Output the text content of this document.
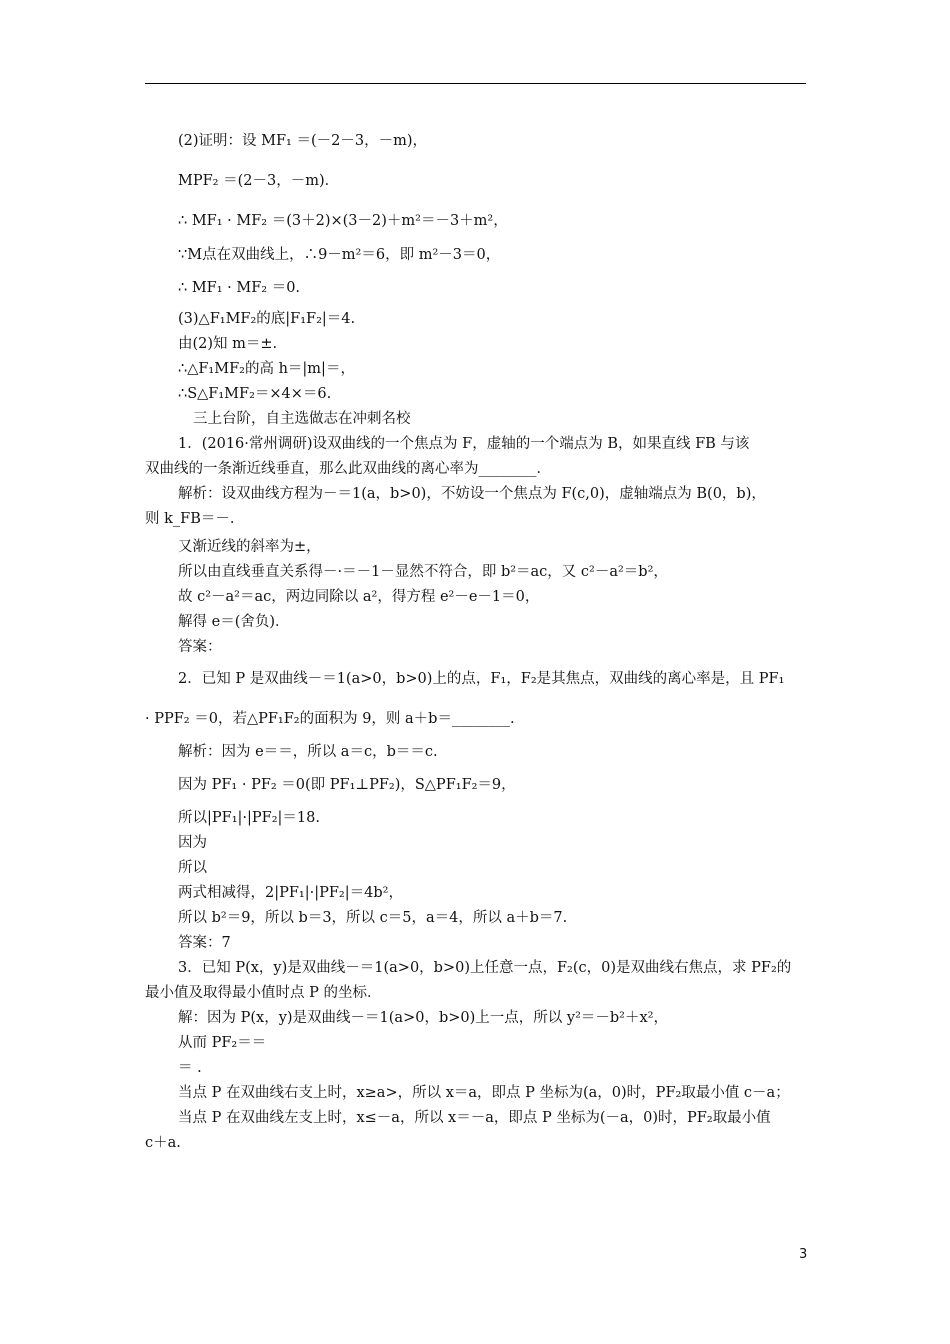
(2)证明：设 MF₁ ＝(－2－3，－m)，
MPF₂ ＝(2－3，－m)．
∴ MF₁ · MF₂ ＝(3＋2)×(3－2)＋m²＝－3＋m²，
∵M点在双曲线上，∴9－m²＝6，即 m²－3＝0，
∴ MF₁ · MF₂ ＝0.
(3)△F₁MF₂的底|F₁F₂|＝4.
由(2)知 m＝±.
∴△F₁MF₂的高 h＝|m|＝，
∴S△F₁MF₂＝×4×＝6.
三上台阶，自主选做志在冲刺名校
1．(2016·常州调研)设双曲线的一个焦点为 F，虚轴的一个端点为 B，如果直线 FB 与该
双曲线的一条渐近线垂直，那么此双曲线的离心率为________．
解析：设双曲线方程为－＝1(a，b>0)，不妨设一个焦点为 F(c,0)，虚轴端点为 B(0，b)，
则 k_FB＝－.
又渐近线的斜率为±，
所以由直线垂直关系得－·＝－1－显然不符合，即 b²＝ac，又 c²－a²＝b²，
故 c²－a²＝ac，两边同除以 a²，得方程 e²－e－1＝0，
解得 e＝(舍负)．
答案：
2．已知 P 是双曲线－＝1(a>0，b>0)上的点，F₁，F₂是其焦点，双曲线的离心率是，且 PF₁
· PPF₂ ＝0，若△PF₁F₂的面积为 9，则 a＋b＝________.
解析：因为 e＝＝，所以 a＝c，b＝＝c.
因为 PF₁ · PF₂ ＝0(即 PF₁⊥PF₂)，S△PF₁F₂＝9，
所以|PF₁|·|PF₂|＝18.
因为
所以
两式相减得，2|PF₁|·|PF₂|＝4b²，
所以 b²＝9，所以 b＝3，所以 c＝5，a＝4，所以 a＋b＝7.
答案：7
3．已知 P(x，y)是双曲线－＝1(a>0，b>0)上任意一点，F₂(c，0)是双曲线右焦点，求 PF₂的
最小值及取得最小值时点 P 的坐标．
解：因为 P(x，y)是双曲线－＝1(a>0，b>0)上一点，所以 y²＝－b²＋x²，
从而 PF₂＝＝
＝ .
当点 P 在双曲线右支上时，x≥a>，所以 x＝a，即点 P 坐标为(a，0)时，PF₂取最小值 c－a；
当点 P 在双曲线左支上时，x≤－a，所以 x＝－a，即点 P 坐标为(－a，0)时，PF₂取最小值
c＋a.
3
